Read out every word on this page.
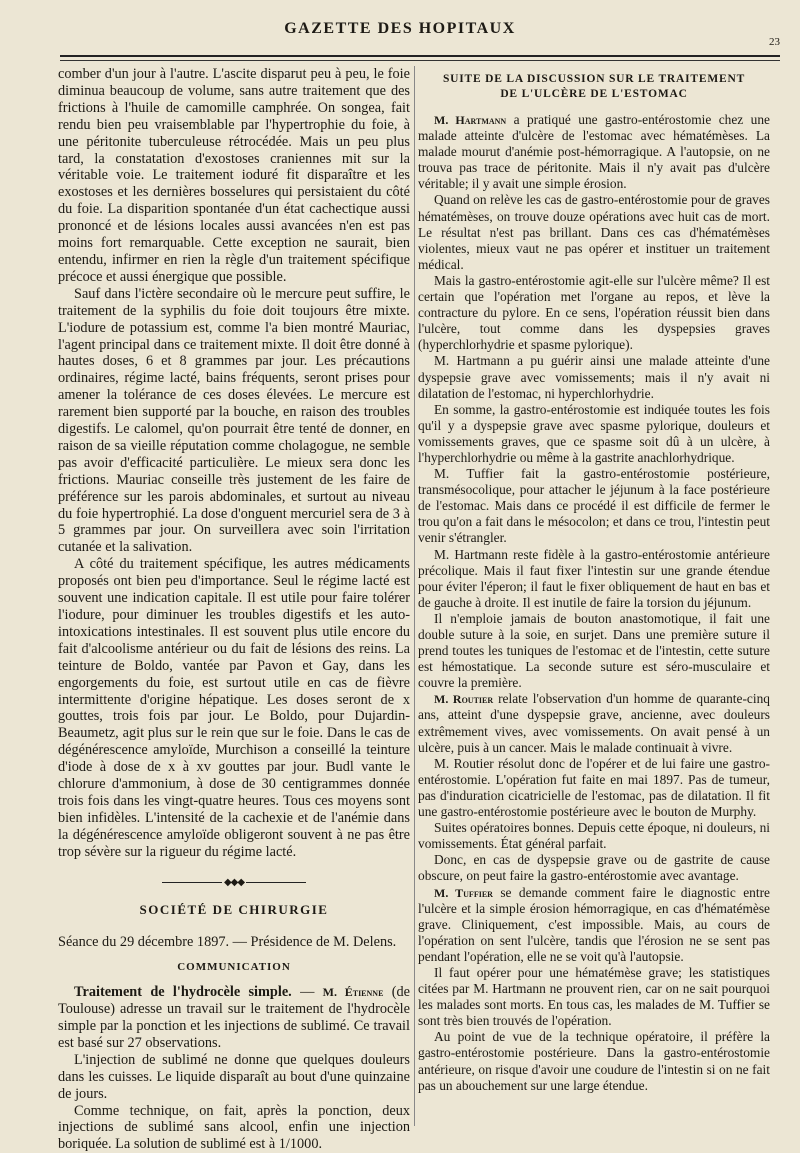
GAZETTE DES HOPITAUX
23

comber d'un jour à l'autre. L'ascite disparut peu à peu, le foie diminua beaucoup de volume, sans autre traitement que des frictions à l'huile de camomille camphrée. On songea, fait rendu bien peu vraisemblable par l'hypertrophie du foie, à une péritonite tuberculeuse rétrocédée. Mais un peu plus tard, la constatation d'exostoses craniennes mit sur la véritable voie. Le traitement ioduré fit disparaître et les exostoses et les dernières bosselures qui persistaient du côté du foie. La disparition spontanée d'un état cachectique aussi prononcé et de lésions locales aussi avancées n'en est pas moins fort remarquable. Cette exception ne saurait, bien entendu, infirmer en rien la règle d'un traitement spécifique précoce et aussi énergique que possible.

Sauf dans l'ictère secondaire où le mercure peut suffire, le traitement de la syphilis du foie doit toujours être mixte. L'iodure de potassium est, comme l'a bien montré Mauriac, l'agent principal dans ce traitement mixte. Il doit être donné à hautes doses, 6 et 8 grammes par jour. Les précautions ordinaires, régime lacté, bains fréquents, seront prises pour amener la tolérance de ces doses élevées. Le mercure est rarement bien supporté par la bouche, en raison des troubles digestifs. Le calomel, qu'on pourrait être tenté de donner, en raison de sa vieille réputation comme cholagogue, ne semble pas avoir d'efficacité particulière. Le mieux sera donc les frictions. Mauriac conseille très justement de les faire de préférence sur les parois abdominales, et surtout au niveau du foie hypertrophié. La dose d'onguent mercuriel sera de 3 à 5 grammes par jour. On surveillera avec soin l'irritation cutanée et la salivation.

A côté du traitement spécifique, les autres médicaments proposés ont bien peu d'importance. Seul le régime lacté est souvent une indication capitale. Il est utile pour faire tolérer l'iodure, pour diminuer les troubles digestifs et les auto-intoxications intestinales. Il est souvent plus utile encore du fait d'alcoolisme antérieur ou du fait de lésions des reins. La teinture de Boldo, vantée par Pavon et Gay, dans les engorgements du foie, est surtout utile en cas de fièvre intermittente d'origine hépatique. Les doses seront de x gouttes, trois fois par jour. Le Boldo, pour Dujardin-Beaumetz, agit plus sur le rein que sur le foie. Dans le cas de dégénérescence amyloïde, Murchison a conseillé la teinture d'iode à dose de x à xv gouttes par jour. Budl vante le chlorure d'ammonium, à dose de 30 centigrammes donnée trois fois dans les vingt-quatre heures. Tous ces moyens sont bien infidèles. L'intensité de la cachexie et de l'anémie dans la dégénérescence amyloïde obligeront souvent à ne pas être trop sévère sur la rigueur du régime lacté.

◆◆◆
SOCIÉTÉ DE CHIRURGIE

Séance du 29 décembre 1897. — Présidence de M. Delens.

COMMUNICATION

Traitement de l'hydrocèle simple. — M. Étienne (de Toulouse) adresse un travail sur le traitement de l'hydrocèle simple par la ponction et les injections de sublimé. Ce travail est basé sur 27 observations.

L'injection de sublimé ne donne que quelques douleurs dans les cuisses. Le liquide disparaît au bout d'une quinzaine de jours.

Comme technique, on fait, après la ponction, deux injections de sublimé sans alcool, enfin une injection boriquée. La solution de sublimé est à 1/1000.

SUITE DE LA DISCUSSION SUR LE TRAITEMENT
DE L'ULCÈRE DE L'ESTOMAC

M. Hartmann a pratiqué une gastro-entérostomie chez une malade atteinte d'ulcère de l'estomac avec hématémèses. La malade mourut d'anémie post-hémorragique. A l'autopsie, on ne trouva pas trace de péritonite. Mais il n'y avait pas d'ulcère véritable; il y avait une simple érosion.

Quand on relève les cas de gastro-entérostomie pour de graves hématémèses, on trouve douze opérations avec huit cas de mort. Le résultat n'est pas brillant. Dans ces cas d'hématémèses violentes, mieux vaut ne pas opérer et instituer un traitement médical.

Mais la gastro-entérostomie agit-elle sur l'ulcère même? Il est certain que l'opération met l'organe au repos, et lève la contracture du pylore. En ce sens, l'opération réussit bien dans l'ulcère, tout comme dans les dyspepsies graves (hyperchlorhydrie et spasme pylorique).

M. Hartmann a pu guérir ainsi une malade atteinte d'une dyspepsie grave avec vomissements; mais il n'y avait ni dilatation de l'estomac, ni hyperchlorhydrie.

En somme, la gastro-entérostomie est indiquée toutes les fois qu'il y a dyspepsie grave avec spasme pylorique, douleurs et vomissements graves, que ce spasme soit dû à un ulcère, à l'hyperchlorhydrie ou même à la gastrite anachlorhydrique.

M. Tuffier fait la gastro-entérostomie postérieure, transmésocolique, pour attacher le jéjunum à la face postérieure de l'estomac. Mais dans ce procédé il est difficile de fermer le trou qu'on a fait dans le mésocolon; et dans ce trou, l'intestin peut venir s'étrangler.

M. Hartmann reste fidèle à la gastro-entérostomie antérieure précolique. Mais il faut fixer l'intestin sur une grande étendue pour éviter l'éperon; il faut le fixer obliquement de haut en bas et de gauche à droite. Il est inutile de faire la torsion du jéjunum.

Il n'emploie jamais de bouton anastomotique, il fait une double suture à la soie, en surjet. Dans une première suture il prend toutes les tuniques de l'estomac et de l'intestin, cette suture est hémostatique. La seconde suture est séro-musculaire et couvre la première.

M. Routier relate l'observation d'un homme de quarante-cinq ans, atteint d'une dyspepsie grave, ancienne, avec douleurs extrêmement vives, avec vomissements. On avait pensé à un ulcère, puis à un cancer. Mais le malade continuait à vivre.

M. Routier résolut donc de l'opérer et de lui faire une gastro-entérostomie. L'opération fut faite en mai 1897. Pas de tumeur, pas d'induration cicatricielle de l'estomac, pas de dilatation. Il fit une gastro-entérostomie postérieure avec le bouton de Murphy.

Suites opératoires bonnes. Depuis cette époque, ni douleurs, ni vomissements. État général parfait.

Donc, en cas de dyspepsie grave ou de gastrite de cause obscure, on peut faire la gastro-entérostomie avec avantage.

M. Tuffier se demande comment faire le diagnostic entre l'ulcère et la simple érosion hémorragique, en cas d'hématémèse grave. Cliniquement, c'est impossible. Mais, au cours de l'opération on sent l'ulcère, tandis que l'érosion ne se sent pas pendant l'opération, elle ne se voit qu'à l'autopsie.

Il faut opérer pour une hématémèse grave; les statistiques citées par M. Hartmann ne prouvent rien, car on ne sait pourquoi les malades sont morts. En tous cas, les malades de M. Tuffier se sont très bien trouvés de l'opération.

Au point de vue de la technique opératoire, il préfère la gastro-entérostomie postérieure. Dans la gastro-entérostomie antérieure, on risque d'avoir une coudure de l'intestin si on ne fait pas un abouchement sur une large étendue.
